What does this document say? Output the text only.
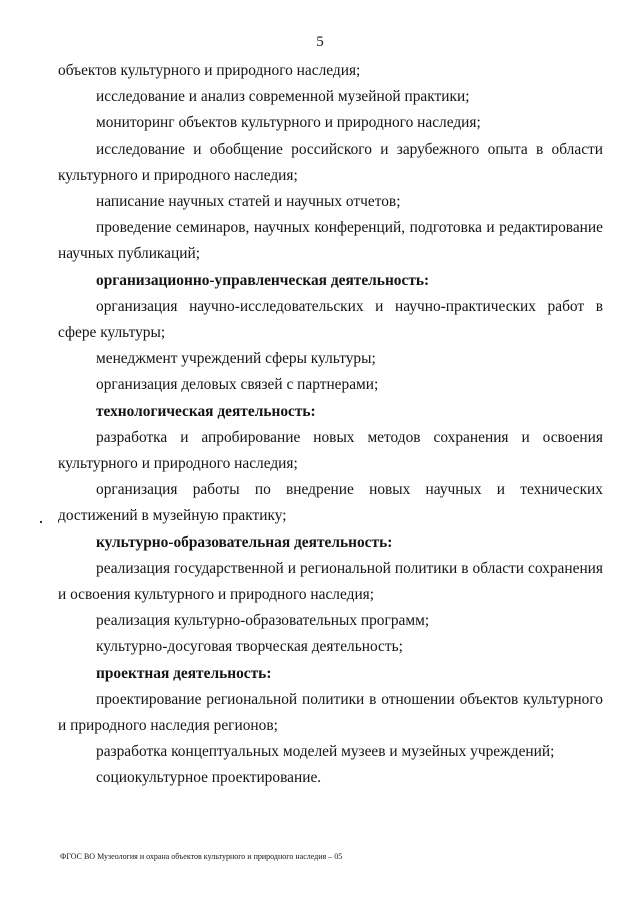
5

объектов культурного и природного наследия;

исследование и анализ современной музейной практики;

мониторинг объектов культурного и природного наследия;

исследование и обобщение российского и зарубежного опыта в области культурного и природного наследия;

написание научных статей и научных отчетов;

проведение семинаров, научных конференций, подготовка и редактирование научных публикаций;

организационно-управленческая деятельность:

организация научно-исследовательских и научно-практических работ в сфере культуры;

менеджмент учреждений сферы культуры;

организация деловых связей с партнерами;

технологическая деятельность:

разработка и апробирование новых методов сохранения и освоения культурного и природного наследия;

организация работы по внедрение новых научных и технических достижений в музейную практику;

культурно-образовательная деятельность:

реализация государственной и региональной политики в области сохранения и освоения культурного и природного наследия;

реализация культурно-образовательных программ;

культурно-досуговая творческая деятельность;

проектная деятельность:

проектирование региональной политики в отношении объектов культурного и природного наследия регионов;

разработка концептуальных моделей музеев и музейных учреждений;

социокультурное проектирование.

ФГОС ВО Музеология и охрана объектов культурного и природного наследия – 05
